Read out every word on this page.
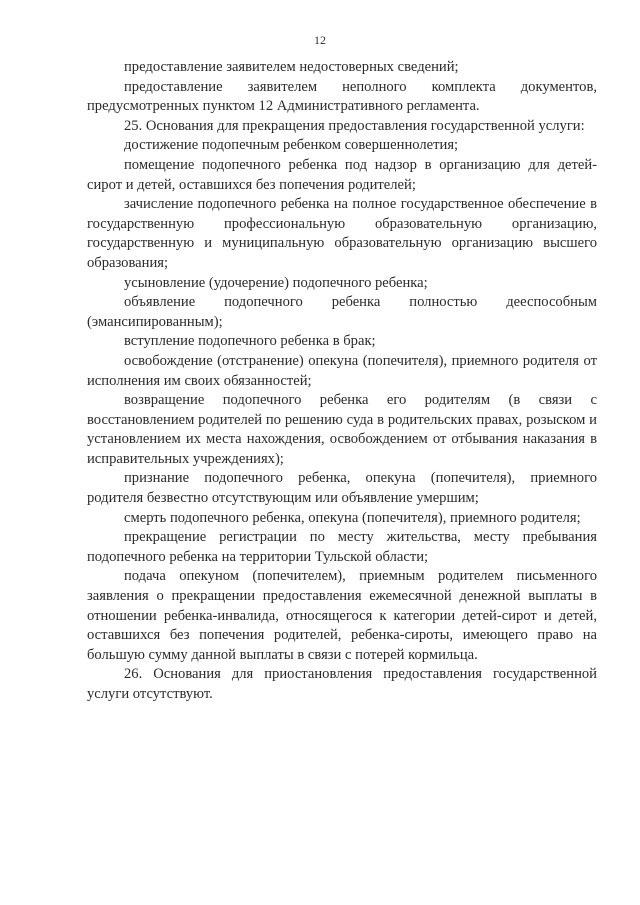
12

предоставление заявителем недостоверных сведений;

предоставление заявителем неполного комплекта документов, предусмотренных пунктом 12 Административного регламента.

25. Основания для прекращения предоставления государственной услуги:

достижение подопечным ребенком совершеннолетия;

помещение подопечного ребенка под надзор в организацию для детей-сирот и детей, оставшихся без попечения родителей;

зачисление подопечного ребенка на полное государственное обеспечение в государственную профессиональную образовательную организацию, государственную и муниципальную образовательную организацию высшего образования;

усыновление (удочерение) подопечного ребенка;

объявление подопечного ребенка полностью дееспособным (эмансипированным);

вступление подопечного ребенка в брак;

освобождение (отстранение) опекуна (попечителя), приемного родителя от исполнения им своих обязанностей;

возвращение подопечного ребенка его родителям (в связи с восстановлением родителей по решению суда в родительских правах, розыском и установлением их места нахождения, освобождением от отбывания наказания в исправительных учреждениях);

признание подопечного ребенка, опекуна (попечителя), приемного родителя безвестно отсутствующим или объявление умершим;

смерть подопечного ребенка, опекуна (попечителя), приемного родителя;

прекращение регистрации по месту жительства, месту пребывания подопечного ребенка на территории Тульской области;

подача опекуном (попечителем), приемным родителем письменного заявления о прекращении предоставления ежемесячной денежной выплаты в отношении ребенка-инвалида, относящегося к категории детей-сирот и детей, оставшихся без попечения родителей, ребенка-сироты, имеющего право на большую сумму данной выплаты в связи с потерей кормильца.

26. Основания для приостановления предоставления государственной услуги отсутствуют.
